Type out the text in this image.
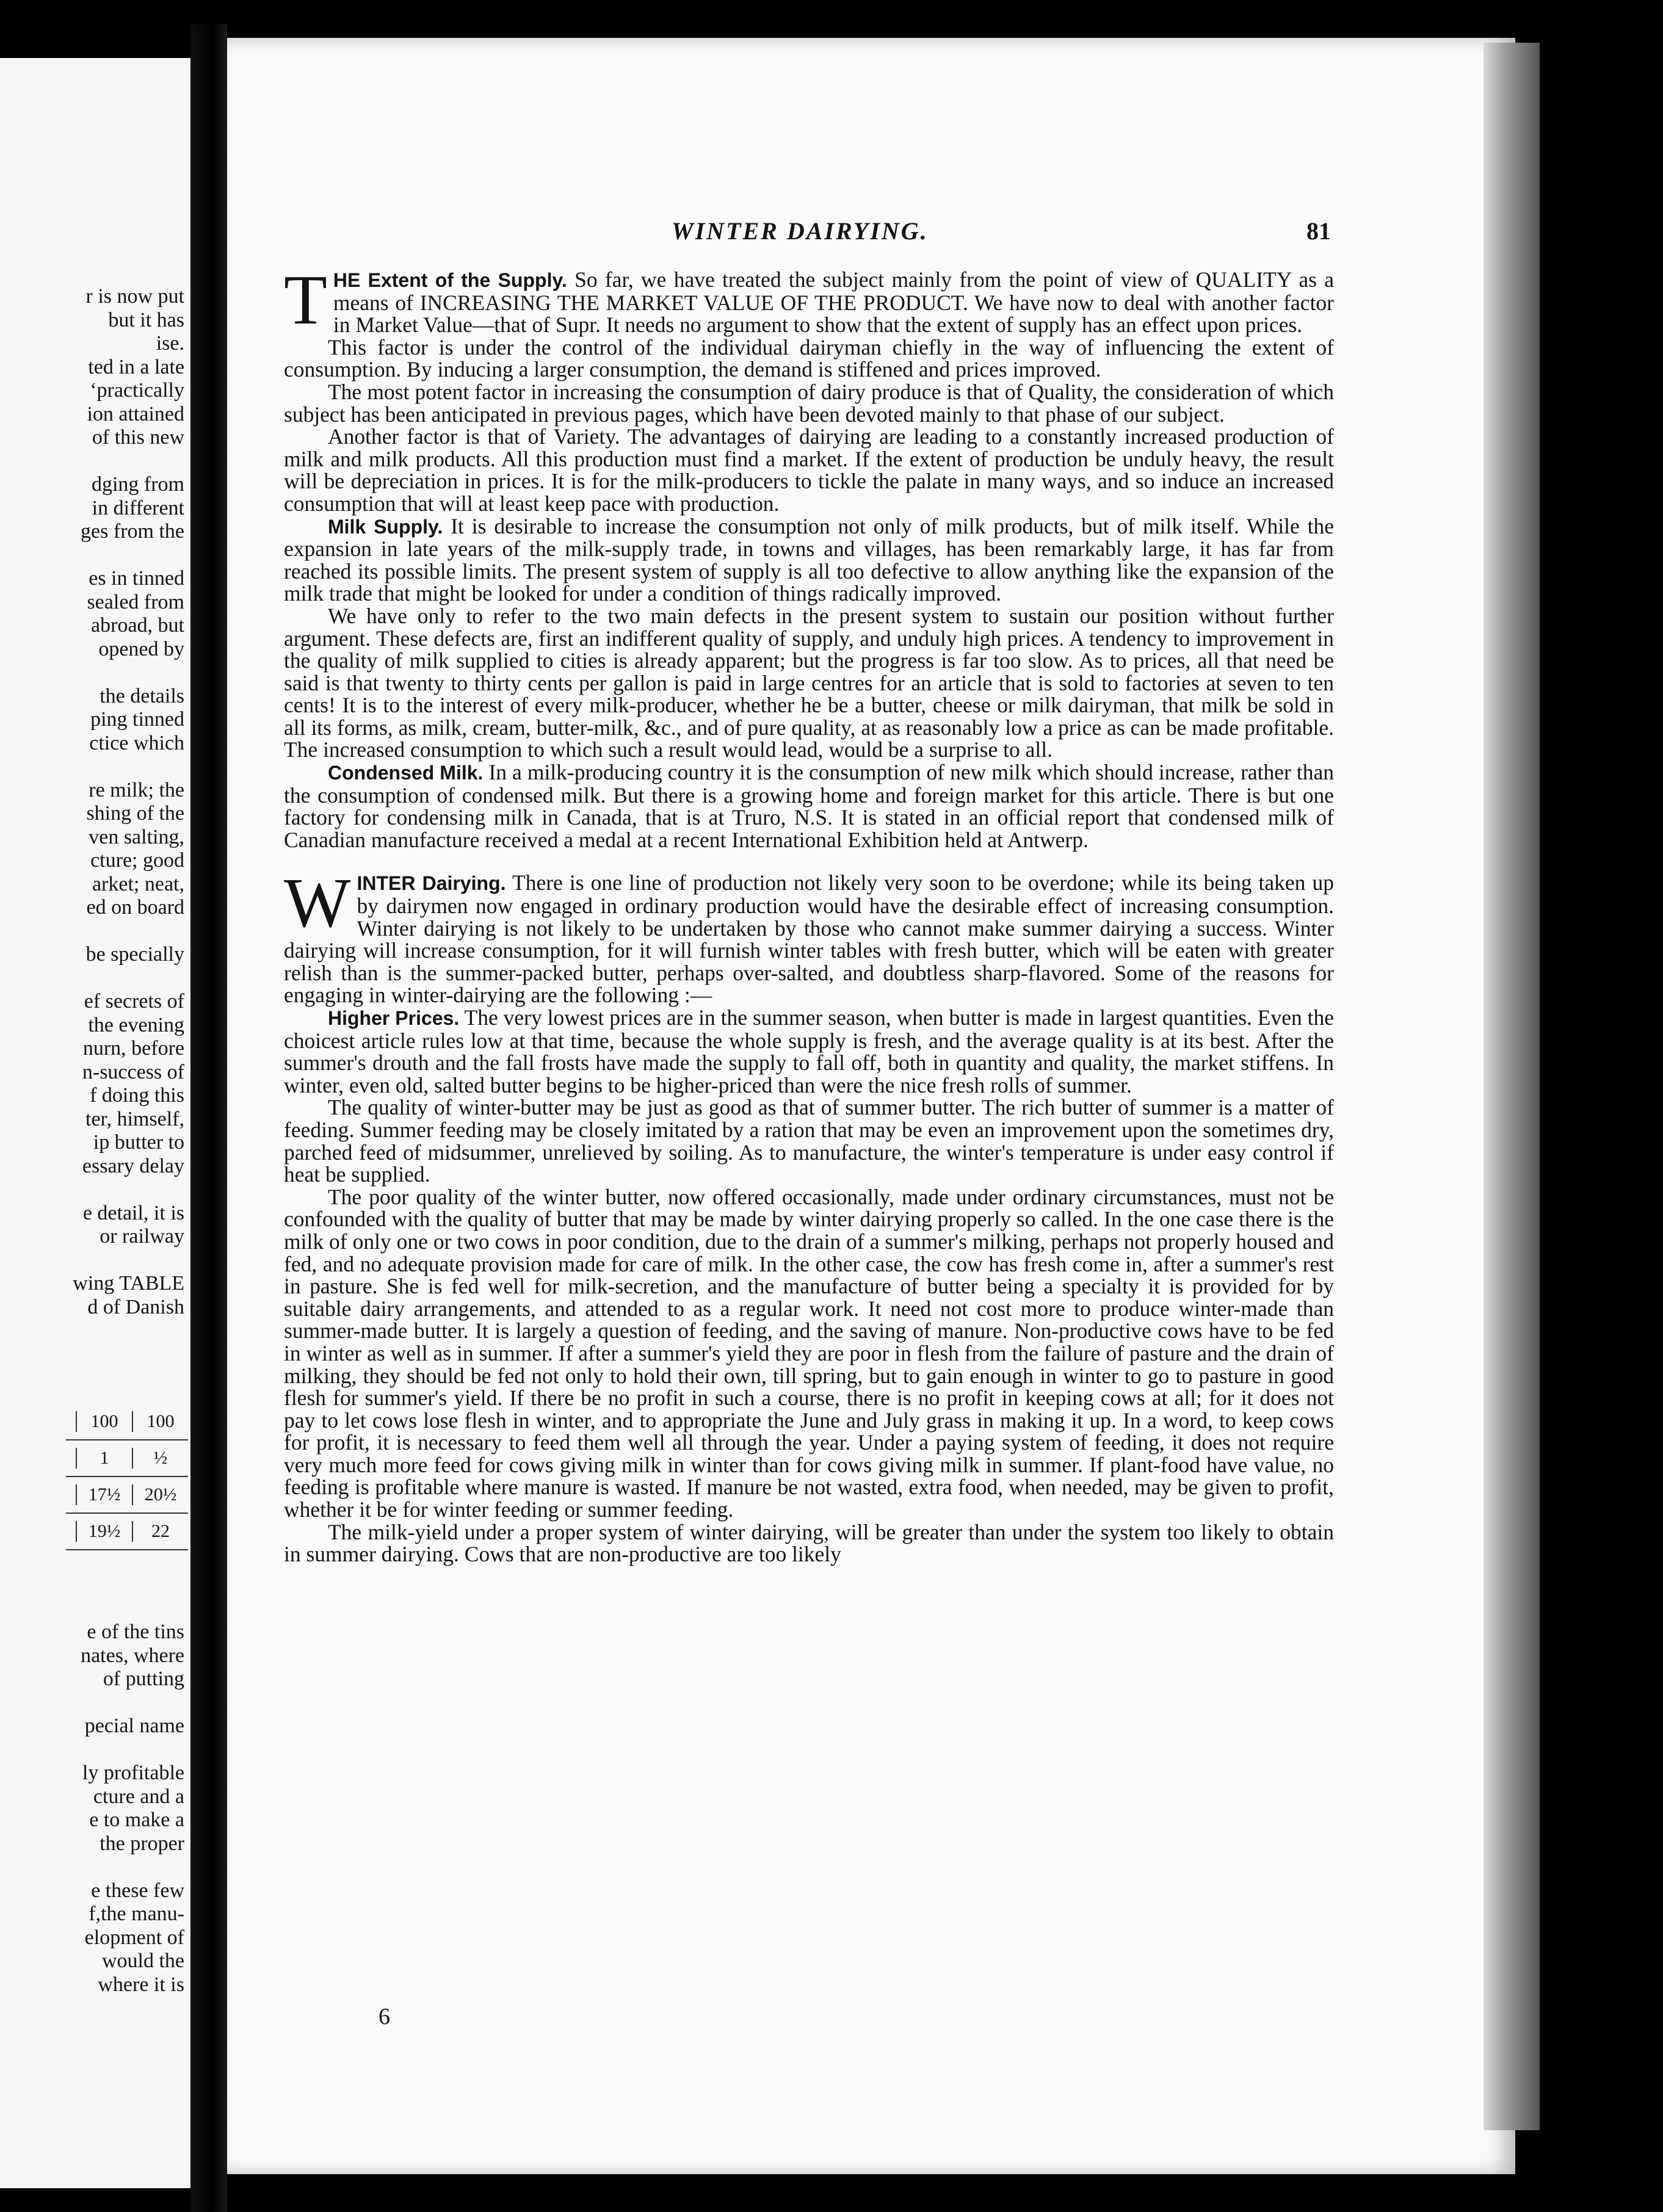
r is now put
but it has
ise.
ted in a late
‘practically
ion attained
of this new
dging from
in different
ges from the
es in tinned
sealed from
abroad, but
opened by
the details
ping tinned
ctice which
re milk; the
shing of the
ven salting,
cture; good
arket; neat,
ed on board
be specially
ef secrets of
the evening
nurn, before
n-success of
f doing this
ter, himself,
ip butter to
essary delay
e detail, it is
or railway
wing TABLE
d of Danish
100	100
1	½
17½	20½
19½	22
e of the tins
nates, where
of putting
pecial name
ly profitable
cture and a
e to make a
the proper
e these few
f,the manu-
elopment of
would the
where it is
WINTER DAIRYING.	81

THE Extent of the Supply. So far, we have treated the subject mainly from the point of view of QUALITY as a means of INCREASING THE MARKET VALUE OF THE PRODUCT. We have now to deal with another factor in Market Value—that of Supr. It needs no argument to show that the extent of supply has an effect upon prices.

This factor is under the control of the individual dairyman chiefly in the way of influencing the extent of consumption. By inducing a larger consumption, the demand is stiffened and prices improved.

The most potent factor in increasing the consumption of dairy produce is that of Quality, the consideration of which subject has been anticipated in previous pages, which have been devoted mainly to that phase of our subject.

Another factor is that of Variety. The advantages of dairying are leading to a constantly increased production of milk and milk products. All this production must find a market. If the extent of production be unduly heavy, the result will be depreciation in prices. It is for the milk-producers to tickle the palate in many ways, and so induce an increased consumption that will at least keep pace with production.

Milk Supply. It is desirable to increase the consumption not only of milk products, but of milk itself. While the expansion in late years of the milk-supply trade, in towns and villages, has been remarkably large, it has far from reached its possible limits. The present system of supply is all too defective to allow anything like the expansion of the milk trade that might be looked for under a condition of things radically improved.

We have only to refer to the two main defects in the present system to sustain our position without further argument. These defects are, first an indifferent quality of supply, and unduly high prices. A tendency to improvement in the quality of milk supplied to cities is already apparent; but the progress is far too slow. As to prices, all that need be said is that twenty to thirty cents per gallon is paid in large centres for an article that is sold to factories at seven to ten cents! It is to the interest of every milk-producer, whether he be a butter, cheese or milk dairyman, that milk be sold in all its forms, as milk, cream, butter-milk, &c., and of pure quality, at as reasonably low a price as can be made profitable. The increased consumption to which such a result would lead, would be a surprise to all.

Condensed Milk. In a milk-producing country it is the consumption of new milk which should increase, rather than the consumption of condensed milk. But there is a growing home and foreign market for this article. There is but one factory for condensing milk in Canada, that is at Truro, N.S. It is stated in an official report that condensed milk of Canadian manufacture received a medal at a recent International Exhibition held at Antwerp.

WINTER Dairying. There is one line of production not likely very soon to be overdone; while its being taken up by dairymen now engaged in ordinary production would have the desirable effect of increasing consumption. Winter dairying is not likely to be undertaken by those who cannot make summer dairying a success. Winter dairying will increase consumption, for it will furnish winter tables with fresh butter, which will be eaten with greater relish than is the summer-packed butter, perhaps over-salted, and doubtless sharp-flavored. Some of the reasons for engaging in winter-dairying are the following :—

Higher Prices. The very lowest prices are in the summer season, when butter is made in largest quantities. Even the choicest article rules low at that time, because the whole supply is fresh, and the average quality is at its best. After the summer's drouth and the fall frosts have made the supply to fall off, both in quantity and quality, the market stiffens. In winter, even old, salted butter begins to be higher-priced than were the nice fresh rolls of summer.

The quality of winter-butter may be just as good as that of summer butter. The rich butter of summer is a matter of feeding. Summer feeding may be closely imitated by a ration that may be even an improvement upon the sometimes dry, parched feed of midsummer, unrelieved by soiling. As to manufacture, the winter's temperature is under easy control if heat be supplied.

The poor quality of the winter butter, now offered occasionally, made under ordinary circumstances, must not be confounded with the quality of butter that may be made by winter dairying properly so called. In the one case there is the milk of only one or two cows in poor condition, due to the drain of a summer's milking, perhaps not properly housed and fed, and no adequate provision made for care of milk. In the other case, the cow has fresh come in, after a summer's rest in pasture. She is fed well for milk-secretion, and the manufacture of butter being a specialty it is provided for by suitable dairy arrangements, and attended to as a regular work. It need not cost more to produce winter-made than summer-made butter. It is largely a question of feeding, and the saving of manure. Non-productive cows have to be fed in winter as well as in summer. If after a summer's yield they are poor in flesh from the failure of pasture and the drain of milking, they should be fed not only to hold their own, till spring, but to gain enough in winter to go to pasture in good flesh for summer's yield. If there be no profit in such a course, there is no profit in keeping cows at all; for it does not pay to let cows lose flesh in winter, and to appropriate the June and July grass in making it up. In a word, to keep cows for profit, it is necessary to feed them well all through the year. Under a paying system of feeding, it does not require very much more feed for cows giving milk in winter than for cows giving milk in summer. If plant-food have value, no feeding is profitable where manure is wasted. If manure be not wasted, extra food, when needed, may be given to profit, whether it be for winter feeding or summer feeding.

The milk-yield under a proper system of winter dairying, will be greater than under the system too likely to obtain in summer dairying. Cows that are non-productive are too likely

6
